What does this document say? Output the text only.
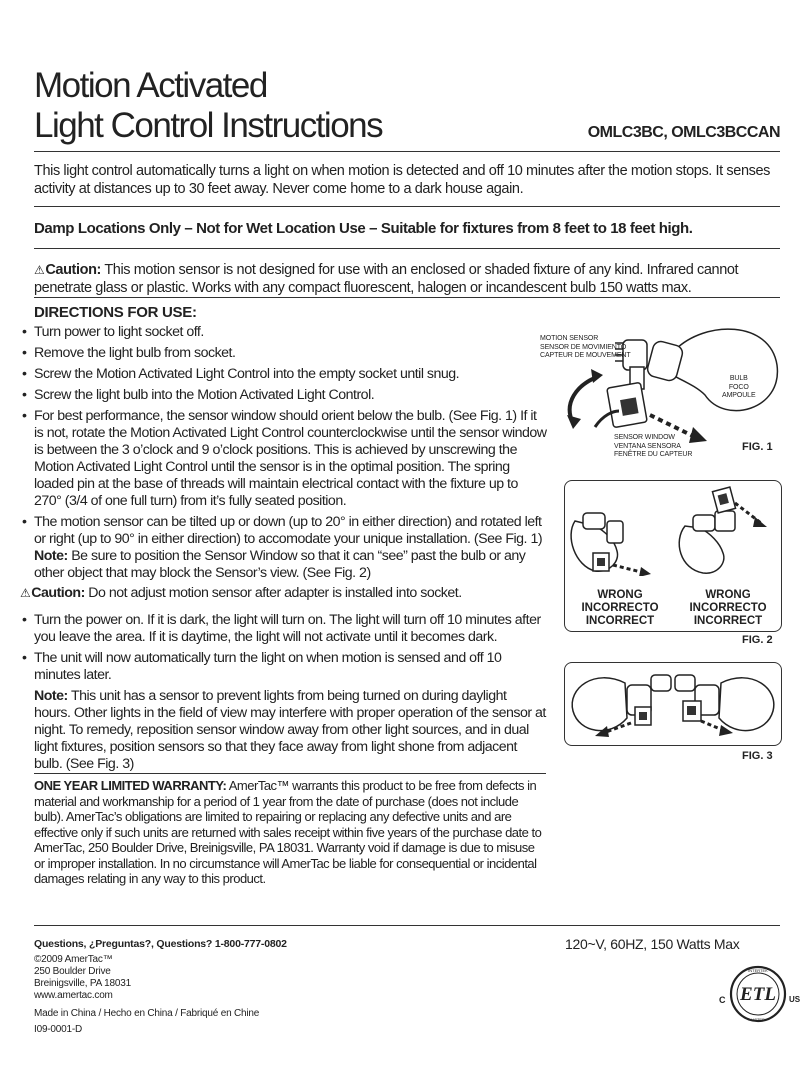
Motion Activated
Light Control Instructions	OMLC3BC, OMLC3BCCAN
This light control automatically turns a light on when motion is detected and off 10 minutes after the motion stops. It senses activity at distances up to 30 feet away. Never come home to a dark house again.
Damp Locations Only – Not for Wet Location Use – Suitable for fixtures from 8 feet to 18 feet high.
⚠Caution: This motion sensor is not designed for use with an enclosed or shaded fixture of any kind. Infrared cannot penetrate glass or plastic. Works with any compact fluorescent, halogen or incandescent bulb 150 watts max.
DIRECTIONS FOR USE:
• Turn power to light socket off.
• Remove the light bulb from socket.
• Screw the Motion Activated Light Control into the empty socket until snug.
• Screw the light bulb into the Motion Activated Light Control.
• For best performance, the sensor window should orient below the bulb. (See Fig. 1) If it is not, rotate the Motion Activated Light Control counterclockwise until the sensor window is between the 3 o’clock and 9 o’clock positions. This is achieved by unscrewing the Motion Activated Light Control until the sensor is in the optimal position. The spring loaded pin at the base of threads will maintain electrical contact with the fixture up to 270° (3/4 of one full turn) from it’s fully seated position.
• The motion sensor can be tilted up or down (up to 20° in either direction) and rotated left or right (up to 90° in either direction) to accomodate your unique installation. (See Fig. 1)
Note: Be sure to position the Sensor Window so that it can “see” past the bulb or any other object that may block the Sensor’s view. (See Fig. 2)
⚠Caution: Do not adjust motion sensor after adapter is installed into socket.
• Turn the power on. If it is dark, the light will turn on. The light will turn off 10 minutes after you leave the area. If it is daytime, the light will not activate until it becomes dark.
• The unit will now automatically turn the light on when motion is sensed and off 10 minutes later.
Note: This unit has a sensor to prevent lights from being turned on during daylight hours. Other lights in the field of view may interfere with proper operation of the sensor at night. To remedy, reposition sensor window away from other light sources, and in dual light fixtures, position sensors so that they face away from light shone from adjacent bulb. (See Fig. 3)
ONE YEAR LIMITED WARRANTY: AmerTac™ warrants this product to be free from defects in material and workmanship for a period of 1 year from the date of purchase (does not include bulb). AmerTac’s obligations are limited to repairing or replacing any defective units and are effective only if such units are returned with sales receipt within five years of the purchase date to AmerTac, 250 Boulder Drive, Breinigsville, PA 18031. Warranty void if damage is due to misuse or improper installation. In no circumstance will AmerTac be liable for consequential or incidental damages relating in any way to this product.
MOTION SENSOR
SENSOR DE MOVIMIENTO
CAPTEUR DE MOUVEMENT
BULB
FOCO
AMPOULE
SENSOR WINDOW
VENTANA SENSORA
FENÊTRE DU CAPTEUR
FIG. 1
WRONG
INCORRECTO
INCORRECT
WRONG
INCORRECTO
INCORRECT
FIG. 2
FIG. 3
Questions, ¿Preguntas?, Questions? 1-800-777-0802
©2009 AmerTac™
250 Boulder Drive
Breinigsville, PA 18031
www.amertac.com
Made in China / Hecho en China / Fabriqué en Chine
I09-0001-D
120~V, 60HZ, 150 Watts Max
ETL
INTERTEK
LISTED
C	US
